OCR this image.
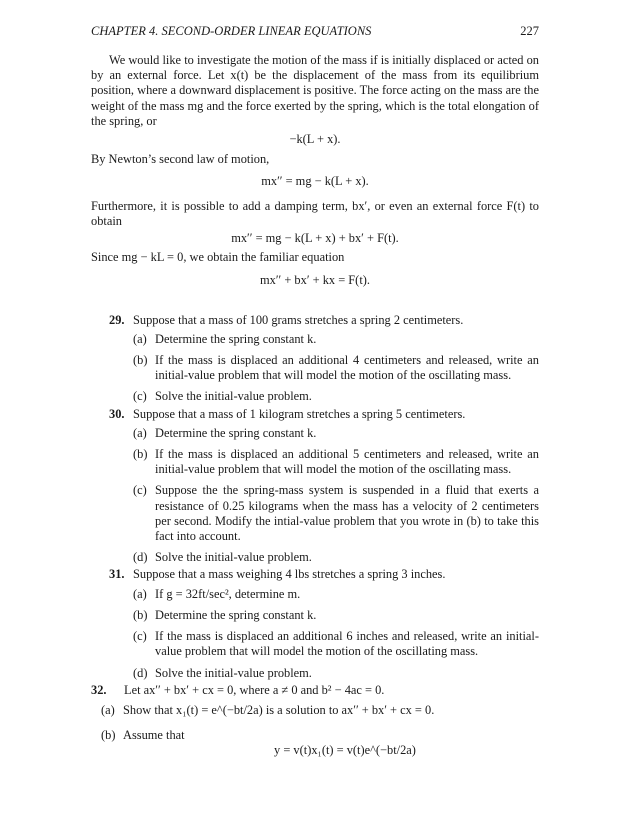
CHAPTER 4. SECOND-ORDER LINEAR EQUATIONS	227

We would like to investigate the motion of the mass if is initially displaced or acted on by an external force. Let x(t) be the displacement of the mass from its equilibrium position, where a downward displacement is positive. The force acting on the mass are the weight of the mass mg and the force exerted by the spring, which is the total elongation of the spring, or

−k(L + x).

By Newton’s second law of motion,

mx′′ = mg − k(L + x).

Furthermore, it is possible to add a damping term, bx′, or even an external force F(t) to obtain

mx′′ = mg − k(L + x) + bx′ + F(t).

Since mg − kL = 0, we obtain the familiar equation

mx′′ + bx′ + kx = F(t).

29. Suppose that a mass of 100 grams stretches a spring 2 centimeters.

(a) Determine the spring constant k.

(b) If the mass is displaced an additional 4 centimeters and released, write an initial-value problem that will model the motion of the oscillating mass.

(c) Solve the initial-value problem.

30. Suppose that a mass of 1 kilogram stretches a spring 5 centimeters.

(a) Determine the spring constant k.

(b) If the mass is displaced an additional 5 centimeters and released, write an initial-value problem that will model the motion of the oscillating mass.

(c) Suppose the the spring-mass system is suspended in a fluid that exerts a resistance of 0.25 kilograms when the mass has a velocity of 2 centimeters per second. Modify the intial-value problem that you wrote in (b) to take this fact into account.

(d) Solve the initial-value problem.

31. Suppose that a mass weighing 4 lbs stretches a spring 3 inches.

(a) If g = 32ft/sec², determine m.

(b) Determine the spring constant k.

(c) If the mass is displaced an additional 6 inches and released, write an initial-value problem that will model the motion of the oscillating mass.

(d) Solve the initial-value problem.

32. Let ax′′ + bx′ + cx = 0, where a ≠ 0 and b² − 4ac = 0.

(a) Show that x₁(t) = e^(−bt/2a) is a solution to ax′′ + bx′ + cx = 0.

(b) Assume that

y = v(t)x₁(t) = v(t)e^(−bt/2a)
